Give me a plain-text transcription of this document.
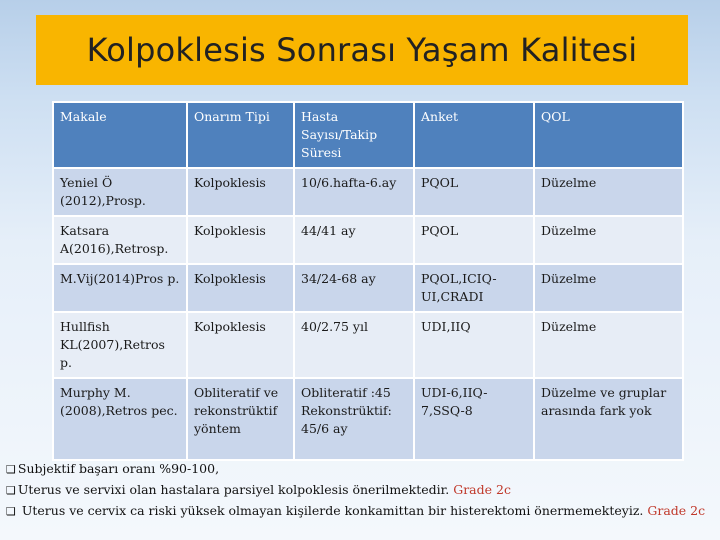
Kolpoklesis Sonrası Yaşam Kalitesi
Makale	Onarım Tipi	Hasta Sayısı/Takip Süresi	Anket	QOL
Yeniel Ö (2012),Prosp.	Kolpoklesis	10/6.hafta-6.ay	PQOL	Düzelme
Katsara A(2016),Retrosp.	Kolpoklesis	44/41 ay	PQOL	Düzelme
M.Vij(2014)Pros p.	Kolpoklesis	34/24-68 ay	PQOL,ICIQ-UI,CRADI	Düzelme
Hullfish KL(2007),Retros p.	Kolpoklesis	40/2.75 yıl	UDI,IIQ	Düzelme
Murphy M.(2008),Retros pec.	Obliteratif ve rekonstrüktif yöntem	Obliteratif :45 Rekonstrüktif: 45/6 ay	UDI-6,IIQ-7,SSQ-8	Düzelme ve gruplar arasında fark yok
❑ Subjektif başarı oranı %90-100,
❑ Uterus ve servixi olan hastalara parsiyel kolpoklesis önerilmektedir. Grade 2c
❑ Uterus ve cervix ca riski yüksek olmayan kişilerde konkamittan bir histerektomi önermemekteyiz. Grade 2c
